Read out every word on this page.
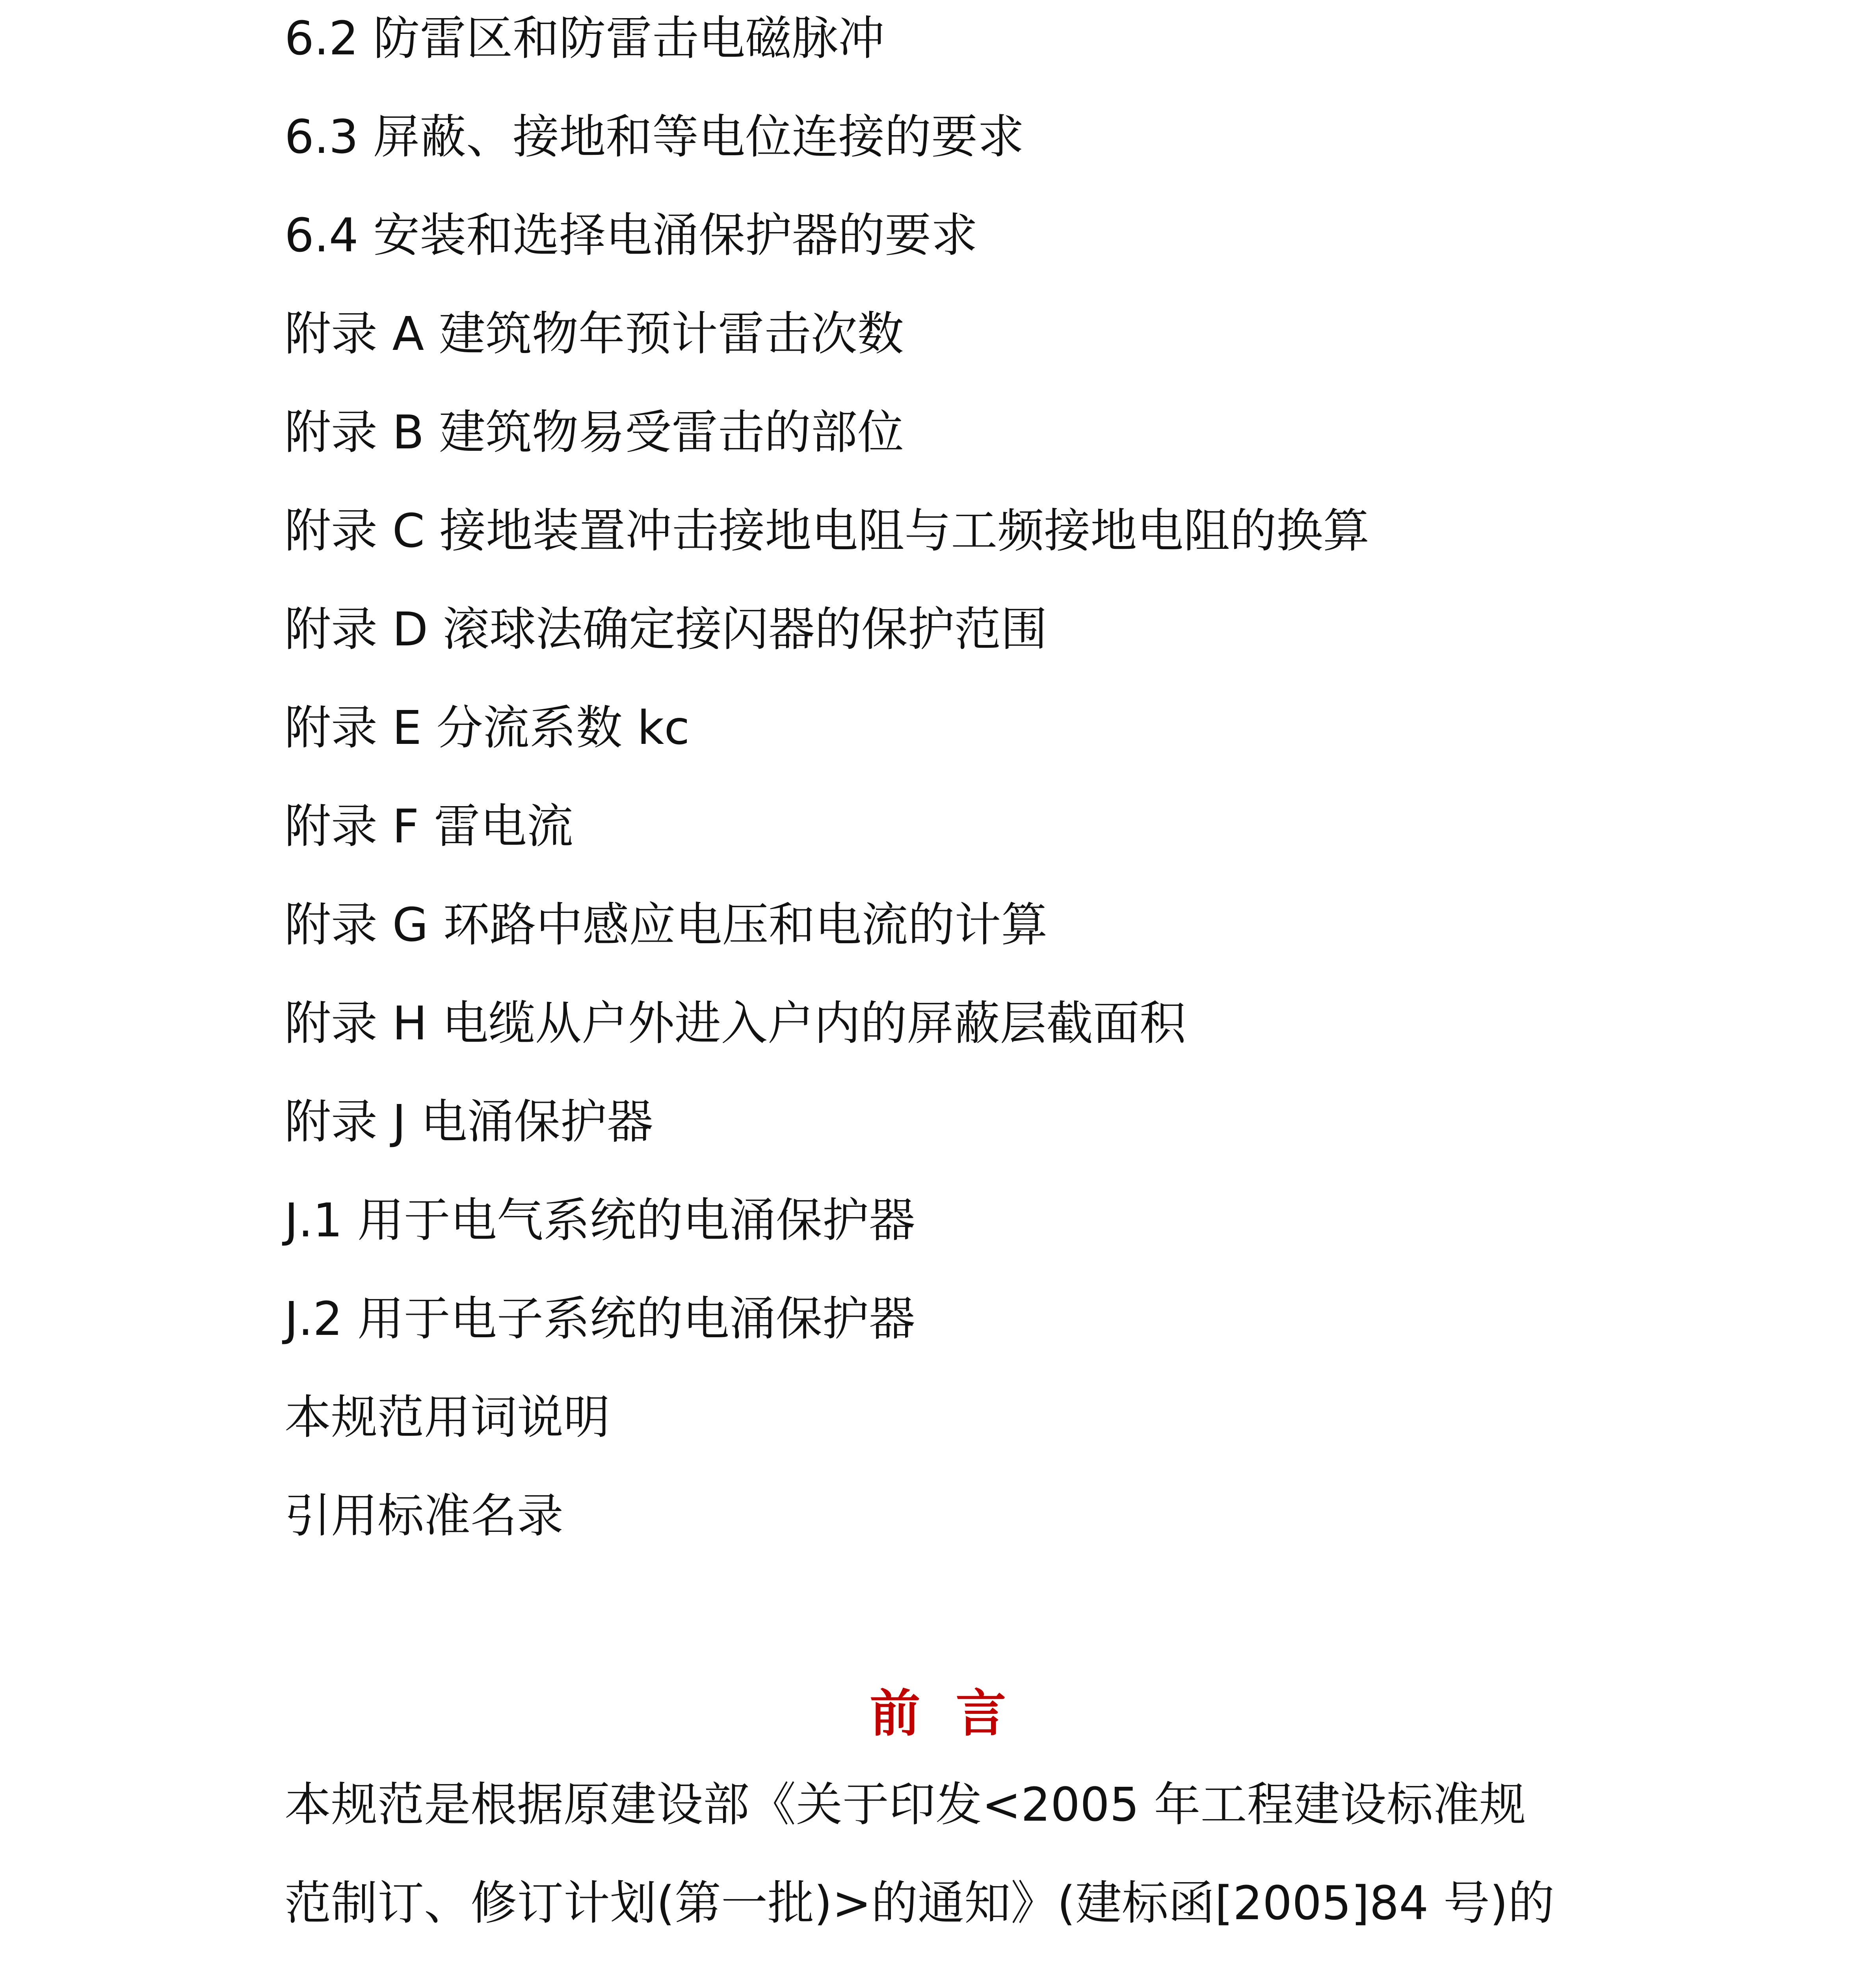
6.2 防雷区和防雷击电磁脉冲
6.3 屏蔽、接地和等电位连接的要求
6.4 安装和选择电涌保护器的要求
附录 A 建筑物年预计雷击次数
附录 B 建筑物易受雷击的部位
附录 C 接地装置冲击接地电阻与工频接地电阻的换算
附录 D 滚球法确定接闪器的保护范围
附录 E 分流系数 kc
附录 F 雷电流
附录 G 环路中感应电压和电流的计算
附录 H 电缆从户外进入户内的屏蔽层截面积
附录 J 电涌保护器
J.1 用于电气系统的电涌保护器
J.2 用于电子系统的电涌保护器
本规范用词说明
引用标准名录
前言
本规范是根据原建设部《关于印发<2005 年工程建设标准规
范制订、修订计划(第一批)>的通知》(建标函[2005]84 号)的
